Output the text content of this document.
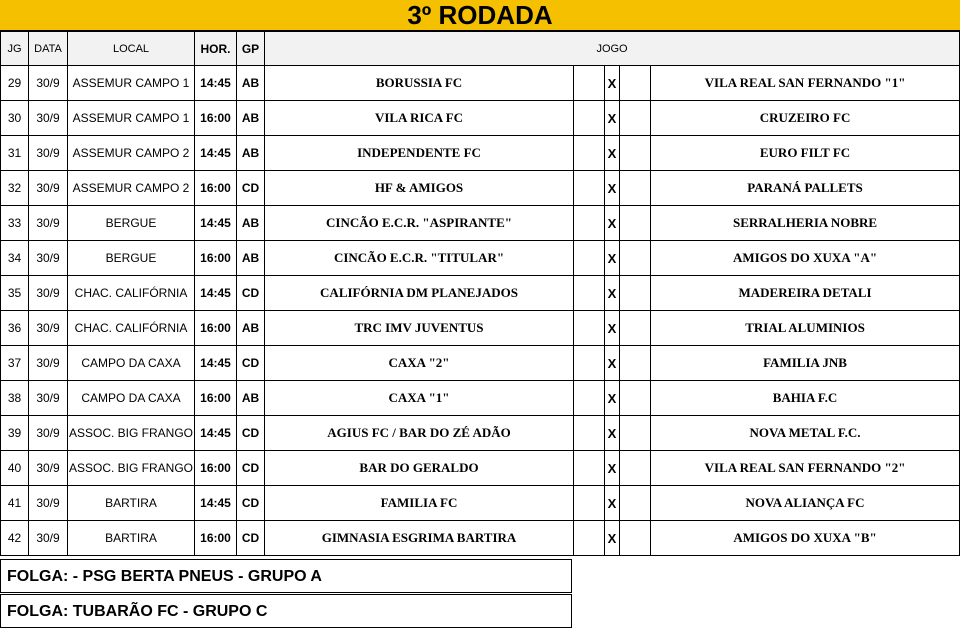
3º RODADA
JG	DATA	LOCAL	HOR.	GP	JOGO				
29	30/9	ASSEMUR CAMPO 1	14:45	AB	BORUSSIA FC		X		VILA REAL SAN FERNANDO "1"
30	30/9	ASSEMUR CAMPO 1	16:00	AB	VILA RICA FC		X		CRUZEIRO FC
31	30/9	ASSEMUR CAMPO 2	14:45	AB	INDEPENDENTE FC		X		EURO FILT FC
32	30/9	ASSEMUR CAMPO 2	16:00	CD	HF & AMIGOS		X		PARANÁ PALLETS
33	30/9	BERGUE	14:45	AB	CINCÃO E.C.R. "ASPIRANTE"		X		SERRALHERIA NOBRE
34	30/9	BERGUE	16:00	AB	CINCÃO E.C.R. "TITULAR"		X		AMIGOS DO XUXA "A"
35	30/9	CHAC. CALIFÓRNIA	14:45	CD	CALIFÓRNIA DM PLANEJADOS		X		MADEREIRA DETALI
36	30/9	CHAC. CALIFÓRNIA	16:00	AB	TRC IMV JUVENTUS		X		TRIAL ALUMINIOS
37	30/9	CAMPO DA CAXA	14:45	CD	CAXA "2"		X		FAMILIA JNB
38	30/9	CAMPO DA CAXA	16:00	AB	CAXA "1"		X		BAHIA F.C
39	30/9	ASSOC. BIG FRANGO	14:45	CD	AGIUS FC / BAR DO ZÉ ADÃO		X		NOVA METAL F.C.
40	30/9	ASSOC. BIG FRANGO	16:00	CD	BAR DO GERALDO		X		VILA REAL SAN FERNANDO "2"
41	30/9	BARTIRA	14:45	CD	FAMILIA FC		X		NOVA ALIANÇA FC
42	30/9	BARTIRA	16:00	CD	GIMNASIA ESGRIMA BARTIRA		X		AMIGOS DO XUXA "B"
FOLGA: - PSG BERTA PNEUS - GRUPO A
FOLGA: TUBARÃO FC - GRUPO C
